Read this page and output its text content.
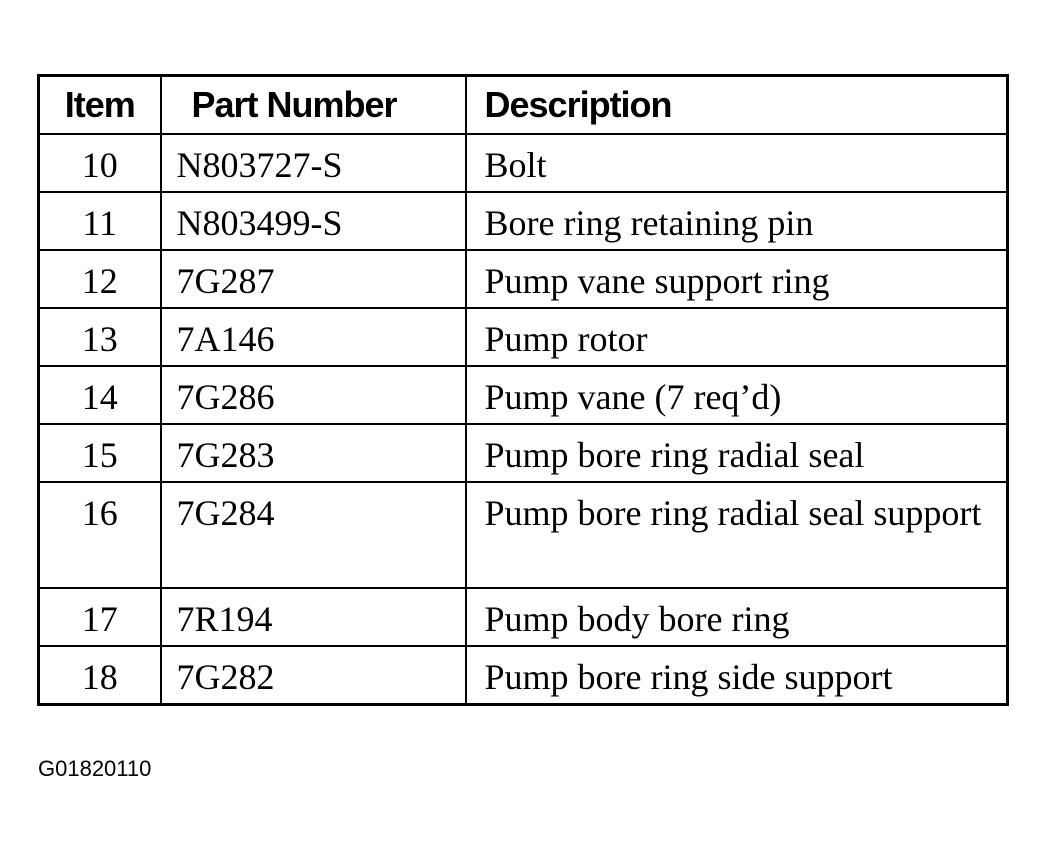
Item	Part Number	Description
10	N803727-S	Bolt
11	N803499-S	Bore ring retaining pin
12	7G287	Pump vane support ring
13	7A146	Pump rotor
14	7G286	Pump vane (7 req’d)
15	7G283	Pump bore ring radial seal
16	7G284	Pump bore ring radial seal support
17	7R194	Pump body bore ring
18	7G282	Pump bore ring side support
G01820110
